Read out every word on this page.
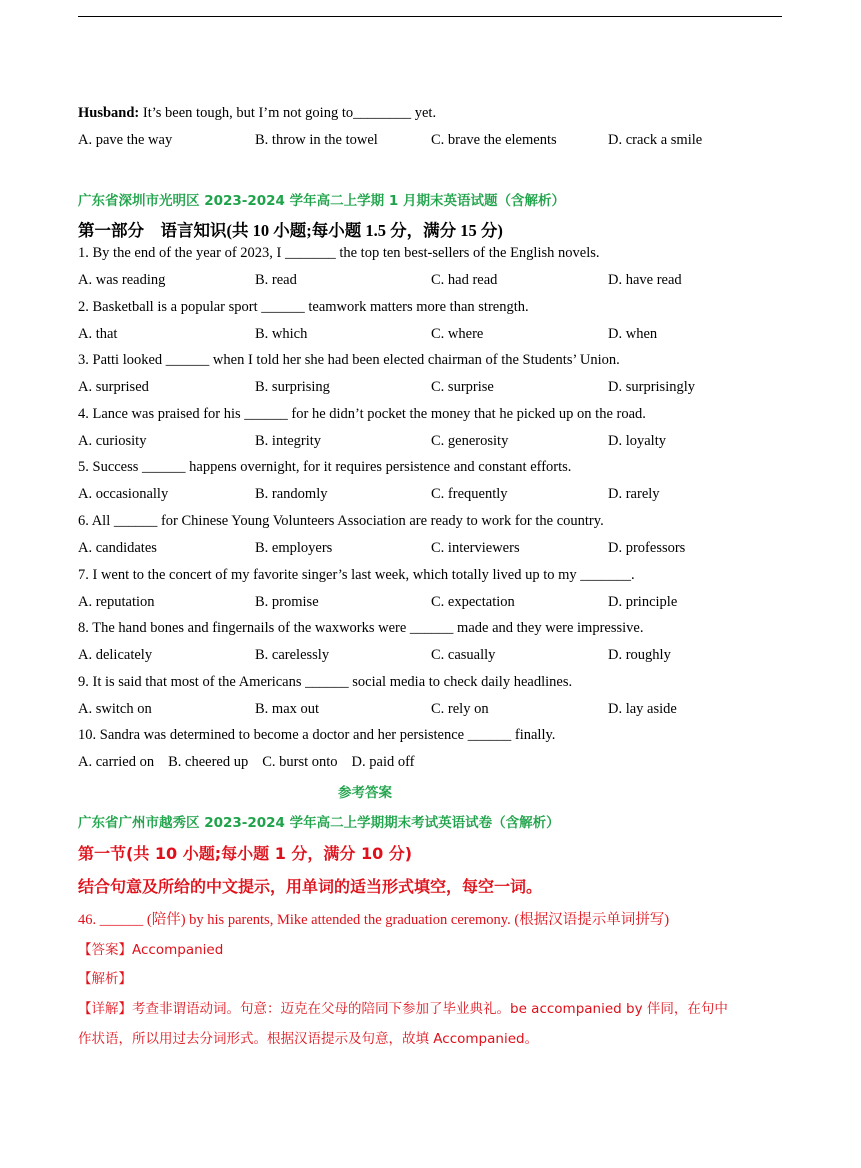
Husband: It’s been tough, but I’m not going to________ yet.
A. pave the way	B. throw in the towel	C. brave the elements	D. crack a smile
广东省深圳市光明区 2023-2024 学年高二上学期 1 月期末英语试题（含解析）
第一部分　语言知识(共 10 小题;每小题 1.5 分，满分 15 分)
1. By the end of the year of 2023, I _______ the top ten best-sellers of the English novels.
A. was reading	B. read	C. had read	D. have read
2. Basketball is a popular sport ______ teamwork matters more than strength.
A. that	B. which	C. where	D. when
3. Patti looked ______ when I told her she had been elected chairman of the Students’ Union.
A. surprised	B. surprising	C. surprise	D. surprisingly
4. Lance was praised for his ______ for he didn’t pocket the money that he picked up on the road.
A. curiosity	B. integrity	C. generosity	D. loyalty
5. Success ______ happens overnight, for it requires persistence and constant efforts.
A. occasionally	B. randomly	C. frequently	D. rarely
6. All ______ for Chinese Young Volunteers Association are ready to work for the country.
A. candidates	B. employers	C. interviewers	D. professors
7. I went to the concert of my favorite singer’s last week, which totally lived up to my _______.
A. reputation	B. promise	C. expectation	D. principle
8. The hand bones and fingernails of the waxworks were ______ made and they were impressive.
A. delicately	B. carelessly	C. casually	D. roughly
9. It is said that most of the Americans ______ social media to check daily headlines.
A. switch on	B. max out	C. rely on	D. lay aside
10. Sandra was determined to become a doctor and her persistence ______ finally.
A. carried on B. cheered up C. burst onto D. paid off
参考答案
广东省广州市越秀区 2023-2024 学年高二上学期期末考试英语试卷（含解析）
第一节(共 10 小题;每小题 1 分，满分 10 分)
结合句意及所给的中文提示，用单词的适当形式填空，每空一词。
46. ______ (陪伴) by his parents, Mike attended the graduation ceremony. (根据汉语提示单词拼写)
【答案】Accompanied
【解析】
【详解】考查非谓语动词。句意：迈克在父母的陪同下参加了毕业典礼。be accompanied by 伴同，在句中
作状语，所以用过去分词形式。根据汉语提示及句意，故填 Accompanied。
